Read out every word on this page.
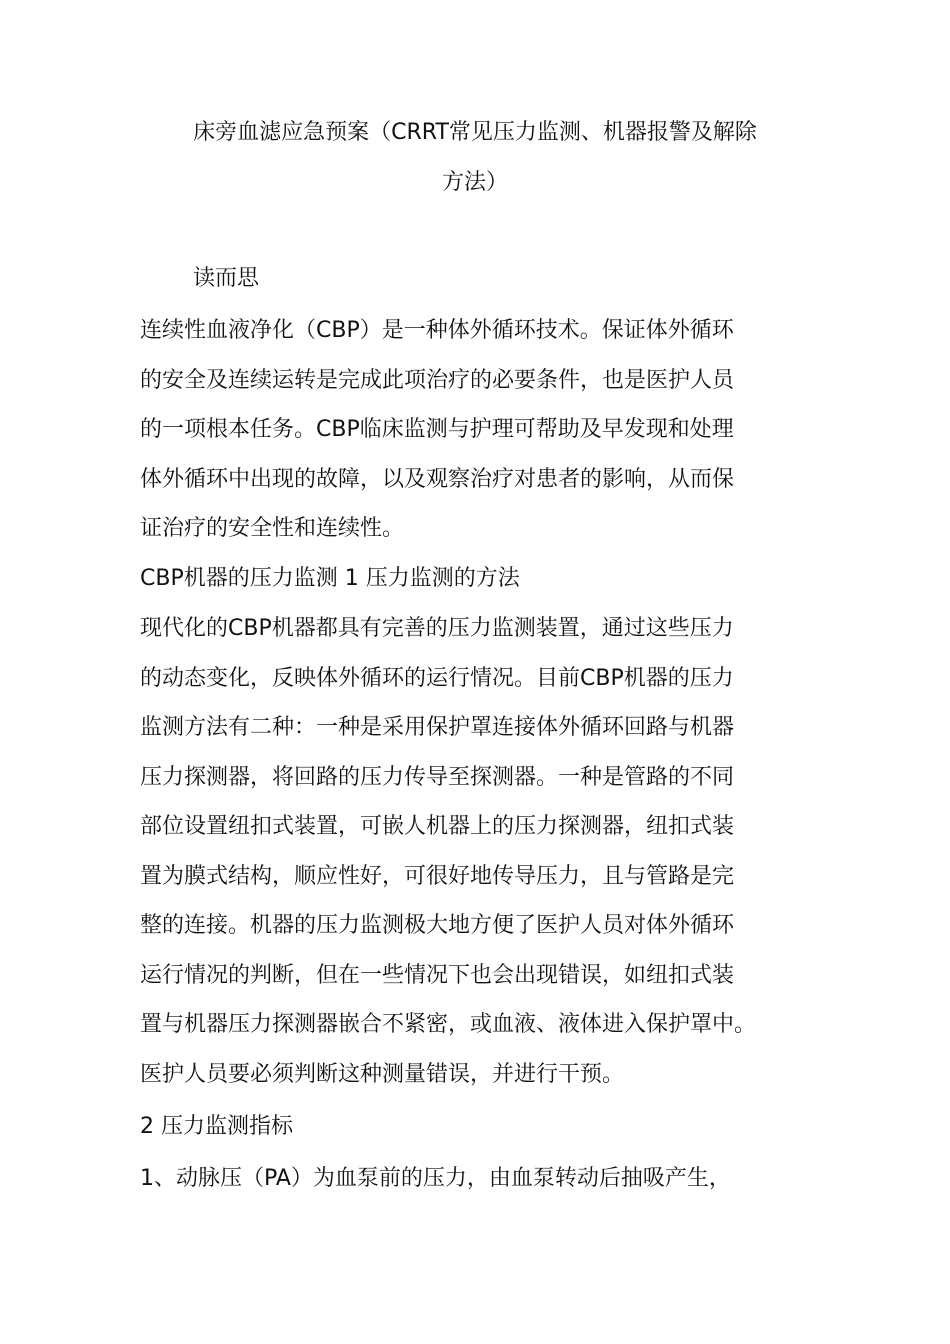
床旁血滤应急预案（CRRT常见压力监测、机器报警及解除
方法）
读而思
连续性血液净化（CBP）是一种体外循环技术。保证体外循环
的安全及连续运转是完成此项治疗的必要条件，也是医护人员
的一项根本任务。CBP临床监测与护理可帮助及早发现和处理
体外循环中出现的故障，以及观察治疗对患者的影响，从而保
证治疗的安全性和连续性。
CBP机器的压力监测 1 压力监测的方法
现代化的CBP机器都具有完善的压力监测装置，通过这些压力
的动态变化，反映体外循环的运行情况。目前CBP机器的压力
监测方法有二种：一种是采用保护罩连接体外循环回路与机器
压力探测器，将回路的压力传导至探测器。一种是管路的不同
部位设置纽扣式装置，可嵌人机器上的压力探测器，纽扣式装
置为膜式结构，顺应性好，可很好地传导压力，且与管路是完
整的连接。机器的压力监测极大地方便了医护人员对体外循环
运行情况的判断，但在一些情况下也会出现错误，如纽扣式装
置与机器压力探测器嵌合不紧密，或血液、液体进入保护罩中。
医护人员要必须判断这种测量错误，并进行干预。
2 压力监测指标
1、动脉压（PA）为血泵前的压力，由血泵转动后抽吸产生，
